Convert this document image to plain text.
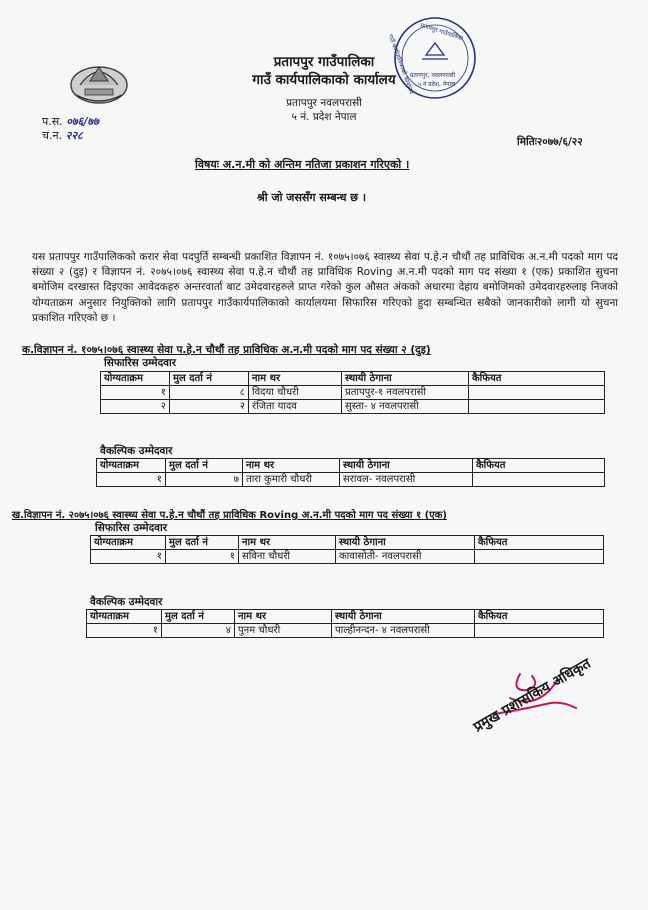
प्रतापपुर गाउँपालिका
गाउँ कार्यपालिकाको कार्यालय
प्रतापपुर, नवलपरासी
५ नं प्रदेश, नेपाल
प्रतापपुर गाउँपालिका
गाउँ कार्यपालिकाको कार्यालय
प्रतापपुर नवलपरासी
५ नं. प्रदेश नेपाल
प.स. ०७६/७७
च.न. २२८	मितिः२०७७/६/२२
विषयः अ.न.मी को अन्तिम नतिजा प्रकाशन गरिएको ।
श्री जो जससँग सम्बन्ध छ ।
यस प्रतापपुर गाउँपालिकको करार सेवा पदपुर्ति सम्बन्धी प्रकाशित विज्ञापन नं. १०७५।०७६ स्वास्थ्य सेवा प.हे.न चौथौं तह प्राविधिक अ.न.मी पदको माग पद संख्या २ (दुइ) र विज्ञापन नं. २०७५।०७६ स्वास्थ्य सेवा प.हे.न चौथौं तह प्राविधिक Roving अ.न.मी पदको माग पद संख्या १ (एक) प्रकाशित सुचना बमोजिम दरखास्त दिइएका आवेदकहरु अन्तरवार्ता बाट उमेदवारहरुले प्राप्त गरेको कुल औसत अंकको अधारमा देहाय बमोजिमको उमेदवारहरुलाइ निजको योग्यताक्रम अनुसार नियुक्तिको लागि प्रतापपुर गाउँकार्यपालिकाको कार्यालयमा सिफारिस गरिएको हुदा सम्बन्धित सबैको जानकारीको लागी यो सुचना प्रकाशित गरिएको छ ।
क.विज्ञापन नं. १०७५।०७६ स्वास्थ्य सेवा प.हे.न चौथौं तह प्राविधिक अ.न.मी पदको माग पद संख्या २ (दुइ)
सिफारिस उम्मेदवार
योग्यताक्रम	मुल दर्ता नं	नाम थर	स्थायी ठेगाना	कैफियत
१	८	विदया चौधरी	प्रतापपुर-१ नवलपरासी	
२	२	रंजिता यादव	सुस्ता- ४ नवलपरासी	
वैकल्पिक उम्मेदवार
योग्यताक्रम	मुल दर्ता नं	नाम थर	स्थायी ठेगाना	कैफियत
१	७	तारा कुमारी चौधरी	सरावल- नवलपरासी	
ख.विज्ञापन नं. २०७५।०७६ स्वास्थ्य सेवा प.हे.न चौथौं तह प्राविधिक Roving अ.न.मी पदको माग पद संख्या १ (एक)
सिफारिस उम्मेदवार
योग्यताक्रम	मुल दर्ता नं	नाम थर	स्थायी ठेगाना	कैफियत
१	१	सविना चौधरी	कावासोती- नवलपरासी	
वैकल्पिक उम्मेदवार
योग्यताक्रम	मुल दर्ता नं	नाम थर	स्थायी ठेगाना	कैफियत
१	४	पुनम चौधरी	पाल्हीनन्दन- ४ नवलपरासी	
प्रमुख प्रशासकिय अधिकृत
